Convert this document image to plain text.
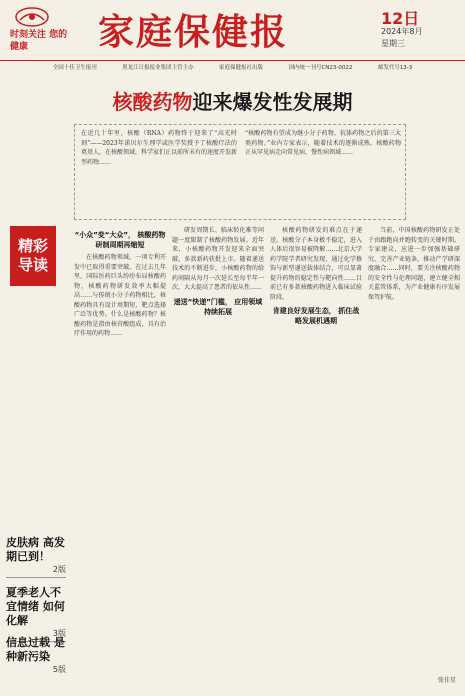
时刻关注 您的健康	家庭保健报	12日
2024年8月
星期三
全国十佳卫生报刊	黑龙江日报报业集团主管主办	家庭保健报社出版	国内统一刊号CN23-0022	邮发代号13-3
核酸药物迎来爆发性发展期
在近几十年里，核酸（RNA）药物终于迎来了“高光时刻”——2023年诺贝尔生理学或医学奖授予了核酸疗法的奠基人，在核酸领域，科学家们正以前所未有的速度开发新型药物……
“核酸药物有望成为继小分子药物、抗体药物之后的第三大类药物。”业内专家表示，随着技术的逐渐成熟，核酸药物正从罕见病走向常见病、慢性病领域……
精彩 导读
皮肤病 高发期已到！
2版
夏季老人不宜情绪 如何化解
3版
信息过载 是种新污染
5版
“小众”变“大众”， 核酸药物研制周期再缩短

在核酸药物领域，一项专利开发中已取得重要突破。在过去几年里，国际医药巨头纷纷布局核酸药物，核酸药物研发效率大幅提高……与传统小分子药物相比，核酸药物具有设计周期短、靶点选择广泛等优势。什么是核酸药物？核酸药物是指由核苷酸组成、具有治疗作用的药物……

研发周期长、临床转化难等问题一度限制了核酸药物发展。近年来，小核酸药物开发迎来全面突破，多款新药获批上市。随着递送技术的不断进步，小核酸药物的给药间隔从每月一次延长至每半年一次，大大提高了患者的依从性……

递送“快递”门槛， 应用领域持续拓展

核酸药物研发的难点在于递送。核酸分子本身极不稳定，进入人体后很容易被降解……北京大学药学院学者研究发现，通过化学修饰与新型递送载体结合，可以显著提升药物的稳定性与靶向性……目前已有多款核酸药物进入临床试验阶段。

肯建良好发展生态， 抓住战略发展机遇期

当前，中国核酸药物研发正处于由跟跑向并跑转变的关键时期。专家建议，应进一步加强基础研究、完善产业链条，推动产学研深度融合……同时，要关注核酸药物的安全性与伦理问题，建立健全相关监管体系，为产业健康有序发展保驾护航。

张佳星
